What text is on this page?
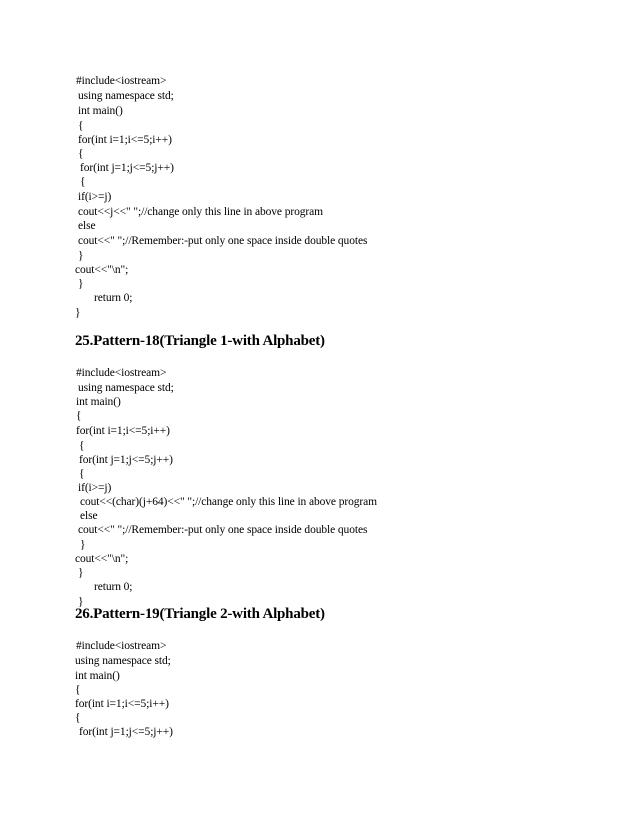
#include<iostream>
using namespace std;
int main()
{
for(int i=1;i<=5;i++)
{
for(int j=1;j<=5;j++)
{
if(i>=j)
cout<<j<<" ";//change only this line in above program
else
cout<<" ";//Remember:-put only one space inside double quotes
}
cout<<"\n";
}
return 0;
}
25.Pattern-18(Triangle 1-with Alphabet)
#include<iostream>
using namespace std;
int main()
{
for(int i=1;i<=5;i++)
{
for(int j=1;j<=5;j++)
{
if(i>=j)
cout<<(char)(j+64)<<" ";//change only this line in above program
else
cout<<" ";//Remember:-put only one space inside double quotes
}
cout<<"\n";
}
return 0;
}
26.Pattern-19(Triangle 2-with Alphabet)
#include<iostream>
using namespace std;
int main()
{
for(int i=1;i<=5;i++)
{
for(int j=1;j<=5;j++)
